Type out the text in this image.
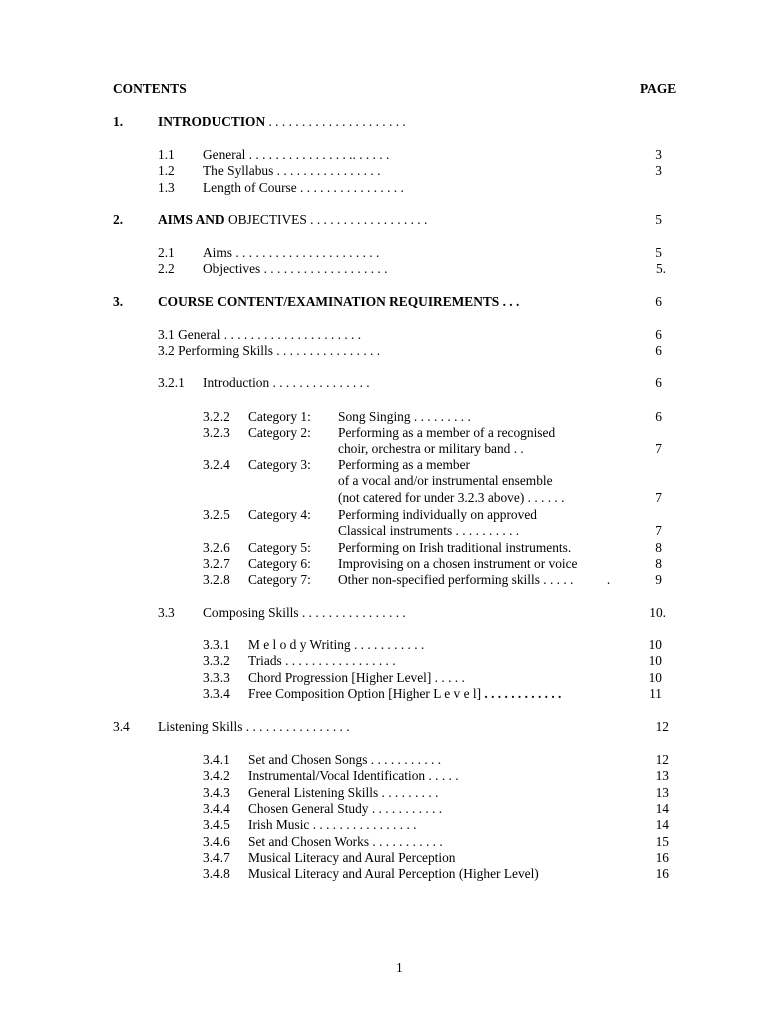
CONTENTS	PAGE
1.	INTRODUCTION . . . . . . . . . . . . . . . . . . . . .
1.1 General . . . . . . . . . . . . . . . .. . . . . .	3
1.2 The Syllabus . . . . . . . . . . . . . . . .	3
1.3 Length of Course . . . . . . . . . . . . . . . .
2.	AIMS AND OBJECTIVES . . . . . . . . . . . . . . . . . .	5
2.1 Aims . . . . . . . . . . . . . . . . . . . . . .	5
2.2 Objectives . . . . . . . . . . . . . . . . . . .	5.
3.	COURSE CONTENT/EXAMINATION REQUIREMENTS . . .	6
3.1 General . . . . . . . . . . . . . . . . . . . . .	6
3.2 Performing Skills . . . . . . . . . . . . . . . .	6
3.2.1 Introduction . . . . . . . . . . . . . . .	6
3.2.2 Category 1: Song Singing . . . . . . . . .	6
3.2.3 Category 2: Performing as a member of a recognised
choir, orchestra or military band . .	7
3.2.4 Category 3: Performing as a member
of a vocal and/or instrumental ensemble
(not catered for under 3.2.3 above) . . . . . .	7
3.2.5 Category 4: Performing individually on approved
Classical instruments . . . . . . . . . .	7
3.2.6 Category 5: Performing on Irish traditional instruments.	8
3.2.7 Category 6: Improvising on a chosen instrument or voice	8
3.2.8 Category 7: Other non-specified performing skills . . . . .          .	9
3.3 Composing Skills . . . . . . . . . . . . . . . .	10.
3.3.1 M e l o d y Writing . . . . . . . . . . .	10
3.3.2 Triads . . . . . . . . . . . . . . . . .	10
3.3.3 Chord Progression [Higher Level] . . . . .	10
3.3.4 Free Composition Option [Higher L e v e l] . . . . . . . . . . . .	11
3.4 Listening Skills . . . . . . . . . . . . . . . .	12
3.4.1 Set and Chosen Songs . . . . . . . . . . .	12
3.4.2 Instrumental/Vocal Identification . . . . .	13
3.4.3 General Listening Skills . . . . . . . . .	13
3.4.4 Chosen General Study . . . . . . . . . . .	14
3.4.5 Irish Music . . . . . . . . . . . . . . . .	14
3.4.6 Set and Chosen Works . . . . . . . . . . .	15
3.4.7 Musical Literacy and Aural Perception	16
3.4.8 Musical Literacy and Aural Perception (Higher Level)	16
1
